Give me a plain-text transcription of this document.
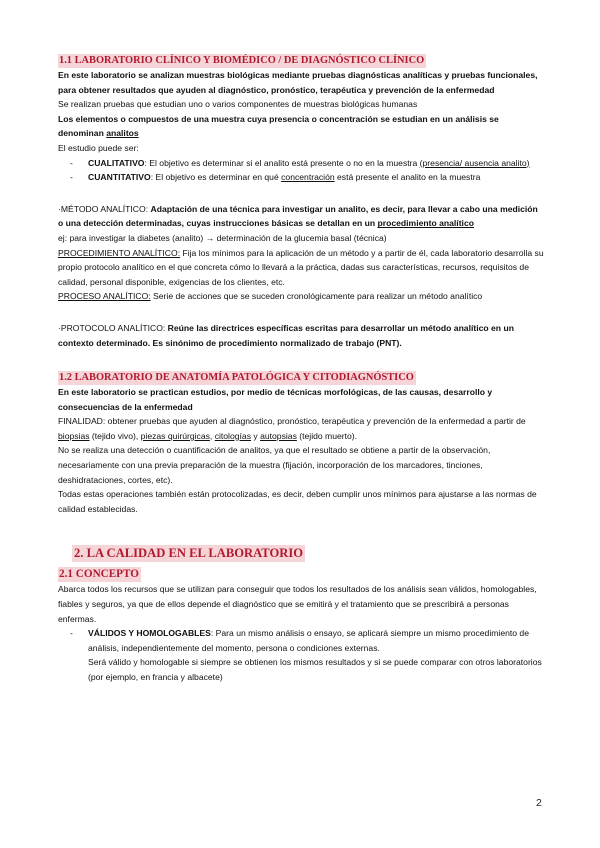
1.1 LABORATORIO CLÍNICO Y BIOMÉDICO / DE DIAGNÓSTICO CLÍNICO

En este laboratorio se analizan muestras biológicas mediante pruebas diagnósticas analíticas y pruebas funcionales, para obtener resultados que ayuden al diagnóstico, pronóstico, terapéutica y prevención de la enfermedad

Se realizan pruebas que estudian uno o varios componentes de muestras biológicas humanas

Los elementos o compuestos de una muestra cuya presencia o concentración se estudian en un análisis se denominan analitos

El estudio puede ser:

-	CUALITATIVO: El objetivo es determinar si el analito está presente o no en la muestra (presencia/ ausencia analito)

-	CUANTITATIVO: El objetivo es determinar en qué concentración está presente el analito en la muestra

·MÉTODO ANALÍTICO: Adaptación de una técnica para investigar un analito, es decir, para llevar a cabo una medición o una detección determinadas, cuyas instrucciones básicas se detallan en un procedimiento analítico

ej: para investigar la diabetes (analito) → determinación de la glucemia basal (técnica)

PROCEDIMIENTO ANALÍTICO: Fija los mínimos para la aplicación de un método y a partir de él, cada laboratorio desarrolla su propio protocolo analítico en el que concreta cómo lo llevará a la práctica, dadas sus características, recursos, requisitos de calidad, personal disponible, exigencias de los clientes, etc.

PROCESO ANALÍTICO: Serie de acciones que se suceden cronológicamente para realizar un método analítico

·PROTOCOLO ANALÍTICO: Reúne las directrices específicas escritas para desarrollar un método analítico en un contexto determinado. Es sinónimo de procedimiento normalizado de trabajo (PNT).

1.2 LABORATORIO DE ANATOMÍA PATOLÓGICA Y CITODIAGNÓSTICO

En este laboratorio se practican estudios, por medio de técnicas morfológicas, de las causas, desarrollo y consecuencias de la enfermedad

FINALIDAD: obtener pruebas que ayuden al diagnóstico, pronóstico, terapéutica y prevención de la enfermedad a partir de biopsias (tejido vivo), piezas quirúrgicas, citologías y autopsias (tejido muerto).

No se realiza una detección o cuantificación de analitos, ya que el resultado se obtiene a partir de la observación, necesariamente con una previa preparación de la muestra (fijación, incorporación de los marcadores, tinciones, deshidrataciones, cortes, etc).

Todas estas operaciones también están protocolizadas, es decir, deben cumplir unos mínimos para ajustarse a las normas de calidad establecidas.

2. LA CALIDAD EN EL LABORATORIO
2.1 CONCEPTO

Abarca todos los recursos que se utilizan para conseguir que todos los resultados de los análisis sean válidos, homologables, fiables y seguros, ya que de ellos depende el diagnóstico que se emitirá y el tratamiento que se prescribirá a personas enfermas.

-	VÁLIDOS Y HOMOLOGABLES: Para un mismo análisis o ensayo, se aplicará siempre un mismo procedimiento de análisis, independientemente del momento, persona o condiciones externas.

Será válido y homologable si siempre se obtienen los mismos resultados y si se puede comparar con otros laboratorios (por ejemplo, en francia y albacete)

2
